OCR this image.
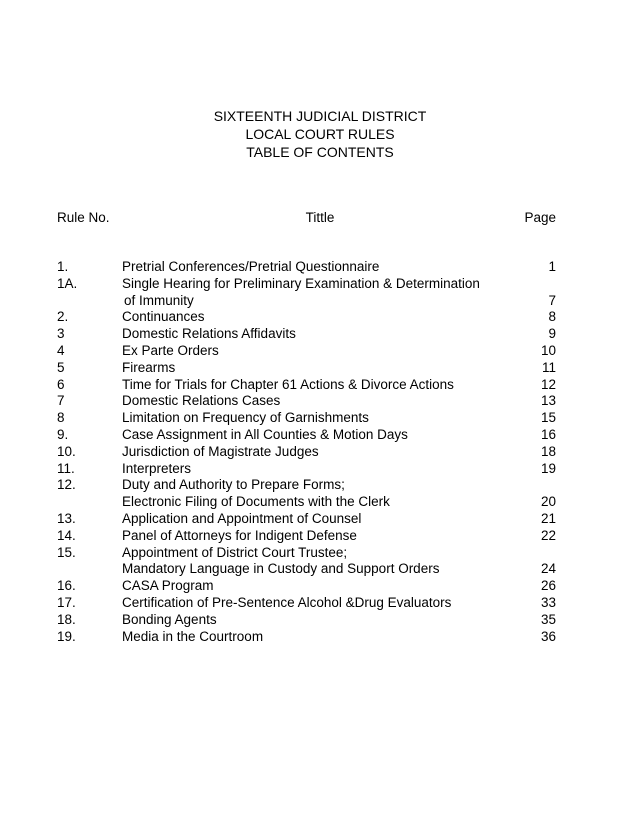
SIXTEENTH JUDICIAL DISTRICT
LOCAL COURT RULES
TABLE OF CONTENTS
Rule No.	Tittle	Page
1.	Pretrial Conferences/Pretrial Questionnaire	1
1A.	Single Hearing for Preliminary Examination & Determination
of Immunity	7
2.	Continuances	8
3	Domestic Relations Affidavits	9
4	Ex Parte Orders	10
5	Firearms	11
6	Time for Trials for Chapter 61 Actions & Divorce Actions	12
7	Domestic Relations Cases	13
8	Limitation on Frequency of Garnishments	15
9.	Case Assignment in All Counties & Motion Days	16
10.	Jurisdiction of Magistrate Judges	18
11.	Interpreters	19
12.	Duty and Authority to Prepare Forms;
Electronic Filing of Documents with the Clerk	20
13.	Application and Appointment of Counsel	21
14.	Panel of Attorneys for Indigent Defense	22
15.	Appointment of District Court Trustee;
Mandatory Language in Custody and Support Orders	24
16.	CASA Program	26
17.	Certification of Pre-Sentence Alcohol &Drug Evaluators	33
18.	Bonding Agents	35
19.	Media in the Courtroom	36
